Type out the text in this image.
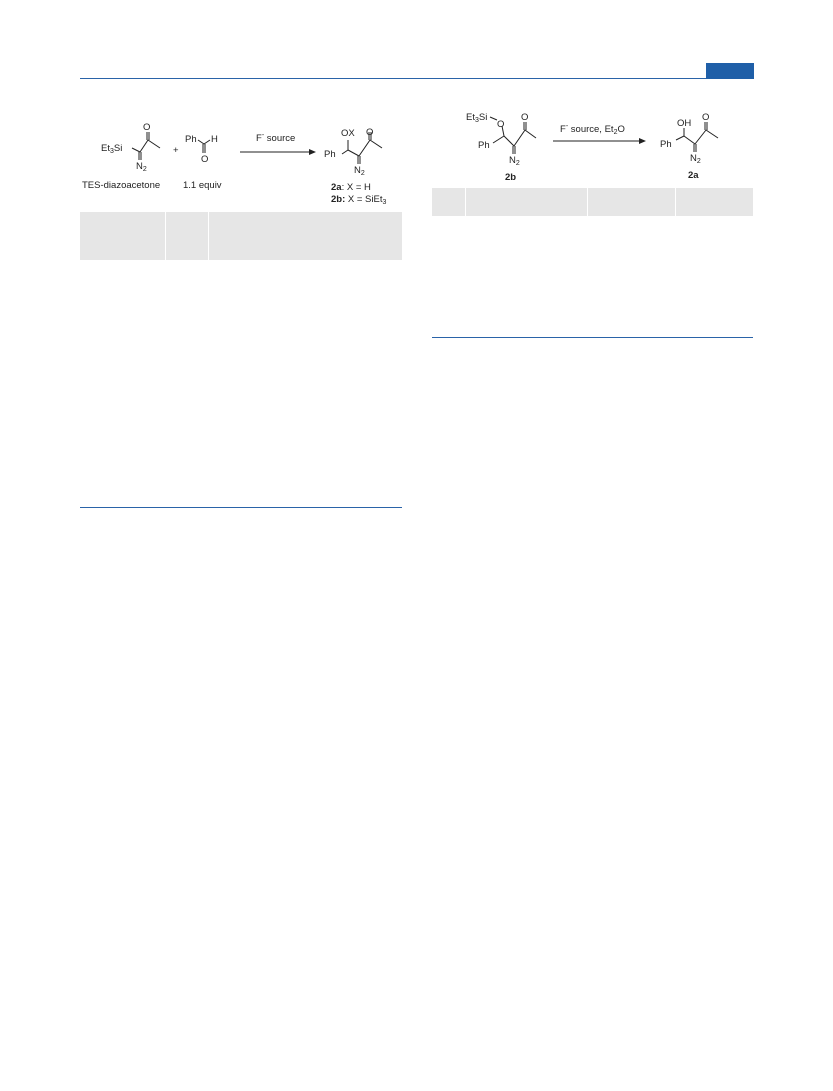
O
$Et_3Si$
$N_2$
+
Ph H
O
F- source	OX O
Ph
$N_2$
TES-diazoacetone 1.1 equiv	2a: X = H
2b: X = SiEt$_3$
$Et_3Si$
O
O
Ph
$N_2$
2b
F- source, $Et_2O$
OH
O
Ph
$N_2$
2a
